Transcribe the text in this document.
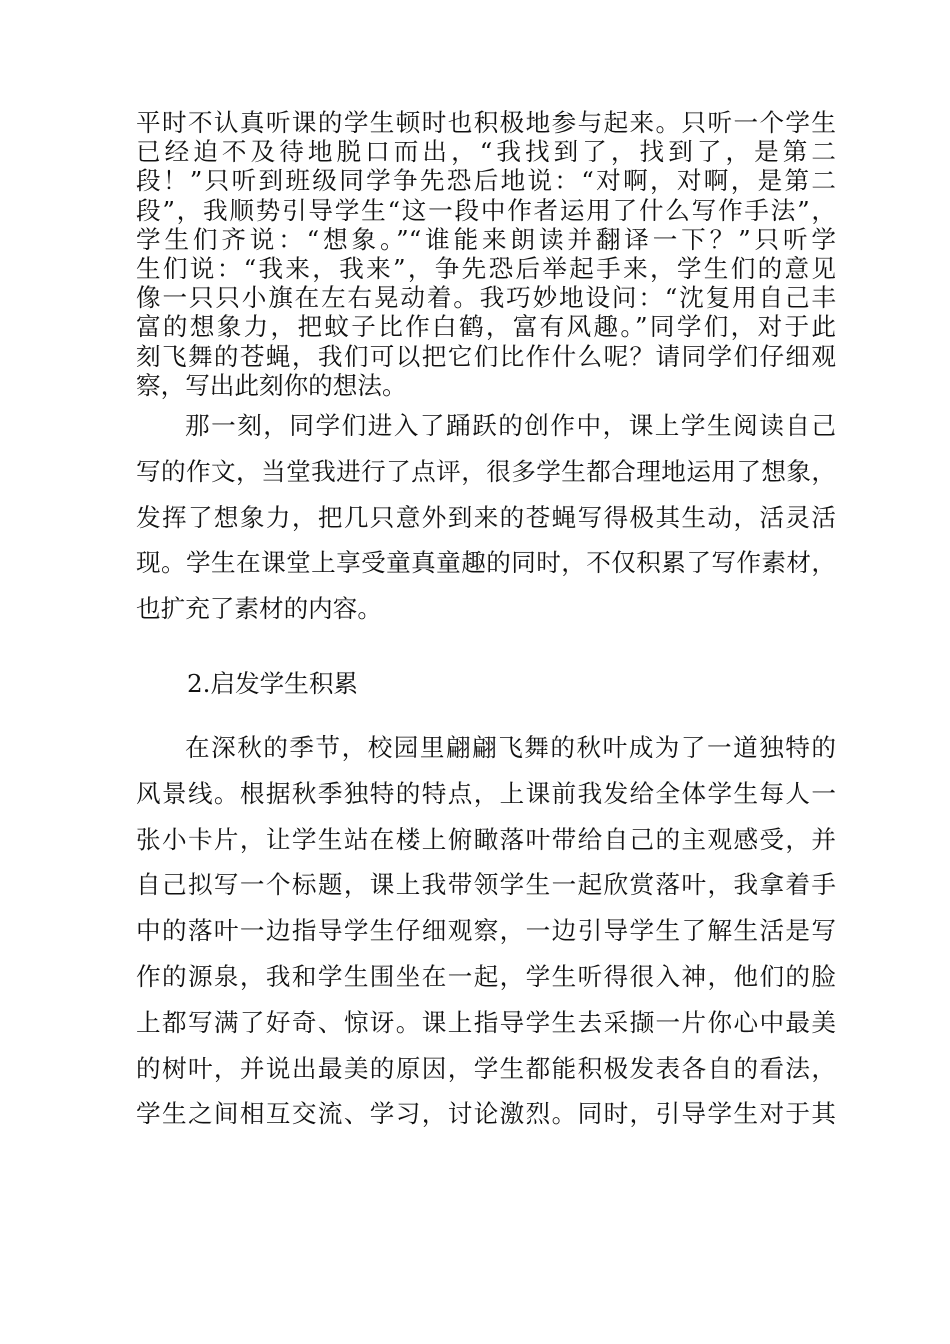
平时不认真听课的学生顿时也积极地参与起来。只听一个学生
已经迫不及待地脱口而出，“我找到了，找到了，是第二
段！”只听到班级同学争先恐后地说：“对啊，对啊，是第二
段”，我顺势引导学生“这一段中作者运用了什么写作手法”，
学生们齐说：“想象。”“谁能来朗读并翻译一下？”只听学
生们说：“我来，我来”，争先恐后举起手来，学生们的意见
像一只只小旗在左右晃动着。我巧妙地设问：“沈复用自己丰
富的想象力，把蚊子比作白鹤，富有风趣。”同学们，对于此
刻飞舞的苍蝇，我们可以把它们比作什么呢？请同学们仔细观
察，写出此刻你的想法。
那一刻，同学们进入了踊跃的创作中，课上学生阅读自己
写的作文，当堂我进行了点评，很多学生都合理地运用了想象，
发挥了想象力，把几只意外到来的苍蝇写得极其生动，活灵活
现。学生在课堂上享受童真童趣的同时，不仅积累了写作素材，
也扩充了素材的内容。
2.启发学生积累
在深秋的季节，校园里翩翩飞舞的秋叶成为了一道独特的
风景线。根据秋季独特的特点，上课前我发给全体学生每人一
张小卡片，让学生站在楼上俯瞰落叶带给自己的主观感受，并
自己拟写一个标题，课上我带领学生一起欣赏落叶，我拿着手
中的落叶一边指导学生仔细观察，一边引导学生了解生活是写
作的源泉，我和学生围坐在一起，学生听得很入神，他们的脸
上都写满了好奇、惊讶。课上指导学生去采撷一片你心中最美
的树叶，并说出最美的原因，学生都能积极发表各自的看法，
学生之间相互交流、学习，讨论激烈。同时，引导学生对于其
